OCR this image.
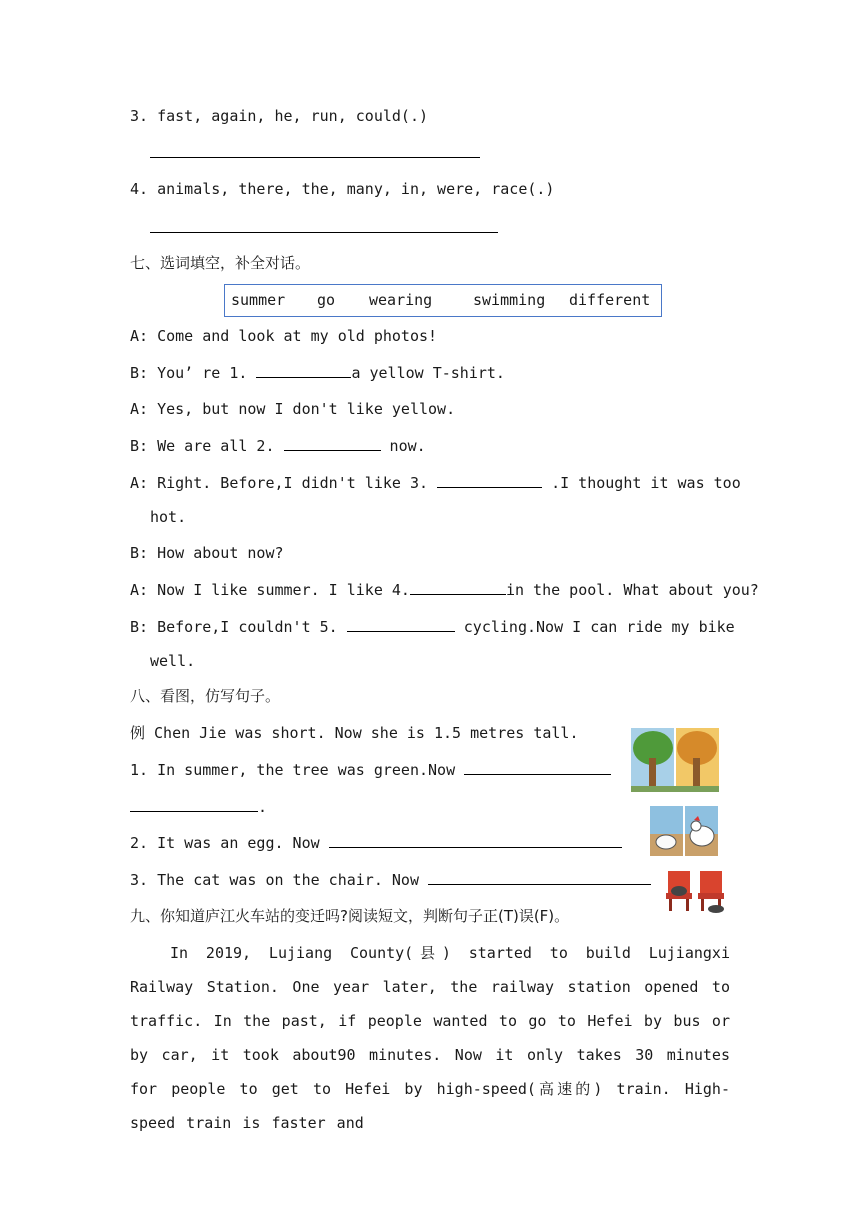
3. fast, again, he, run, could(.)
4. animals, there, the, many, in, were, race(.)
七、选词填空，补全对话。
summer go wearing	swimming different
A: Come and look at my old photos!
B: You’ re 1.	a yellow T-shirt.
A: Yes, but now I don't like yellow.
B: We are all 2.	now.
A: Right. Before,I didn't like 3.	.I thought it was too
hot.
B: How about now?
A: Now I like summer. I like 4.	in the pool. What about you?
B: Before,I couldn't 5.	cycling.Now I can ride my bike
well.
八、看图，仿写句子。
例 Chen Jie was short. Now she is 1.5 metres tall.
1. In summer, the tree was green.Now
.
2. It was an egg. Now
3. The cat was on the chair. Now
九、你知道庐江火车站的变迁吗?阅读短文，判断句子正(T)误(F)。
In 2019, Lujiang County(县) started to build Lujiangxi Railway Station. One year later, the railway station opened to traffic. In the past, if people wanted to go to Hefei by bus or by car, it took about90 minutes. Now it only takes 30 minutes for people to get to Hefei by high-speed(高速的) train. High-speed train is faster and
